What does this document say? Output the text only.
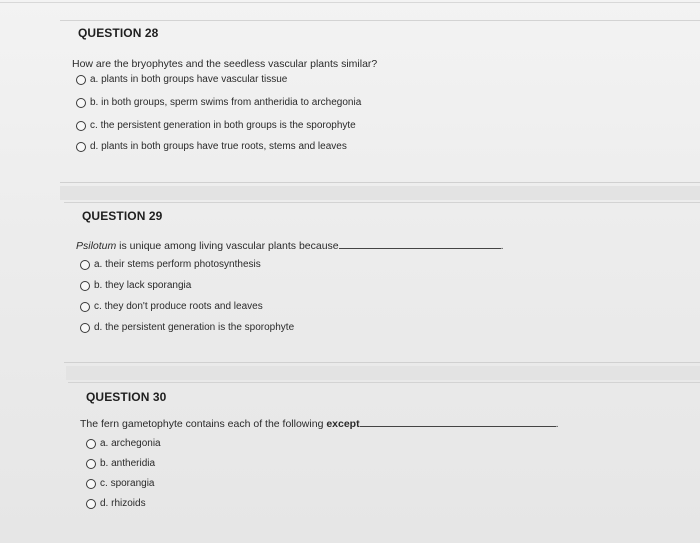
QUESTION 28
How are the bryophytes and the seedless vascular plants similar?
a.
plants in both groups have vascular tissue
b.
in both groups, sperm swims from antheridia to archegonia
c.
the persistent generation in both groups is the sporophyte
d.
plants in both groups have true roots, stems and leaves
QUESTION 29
Psilotum is unique among living vascular plants because	.
a.
their stems perform photosynthesis
b.
they lack sporangia
c.
they don't produce roots and leaves
d.
the persistent generation is the sporophyte
QUESTION 30
The fern gametophyte contains each of the following except	.
a.
archegonia
b.
antheridia
c.
sporangia
d.
rhizoids
